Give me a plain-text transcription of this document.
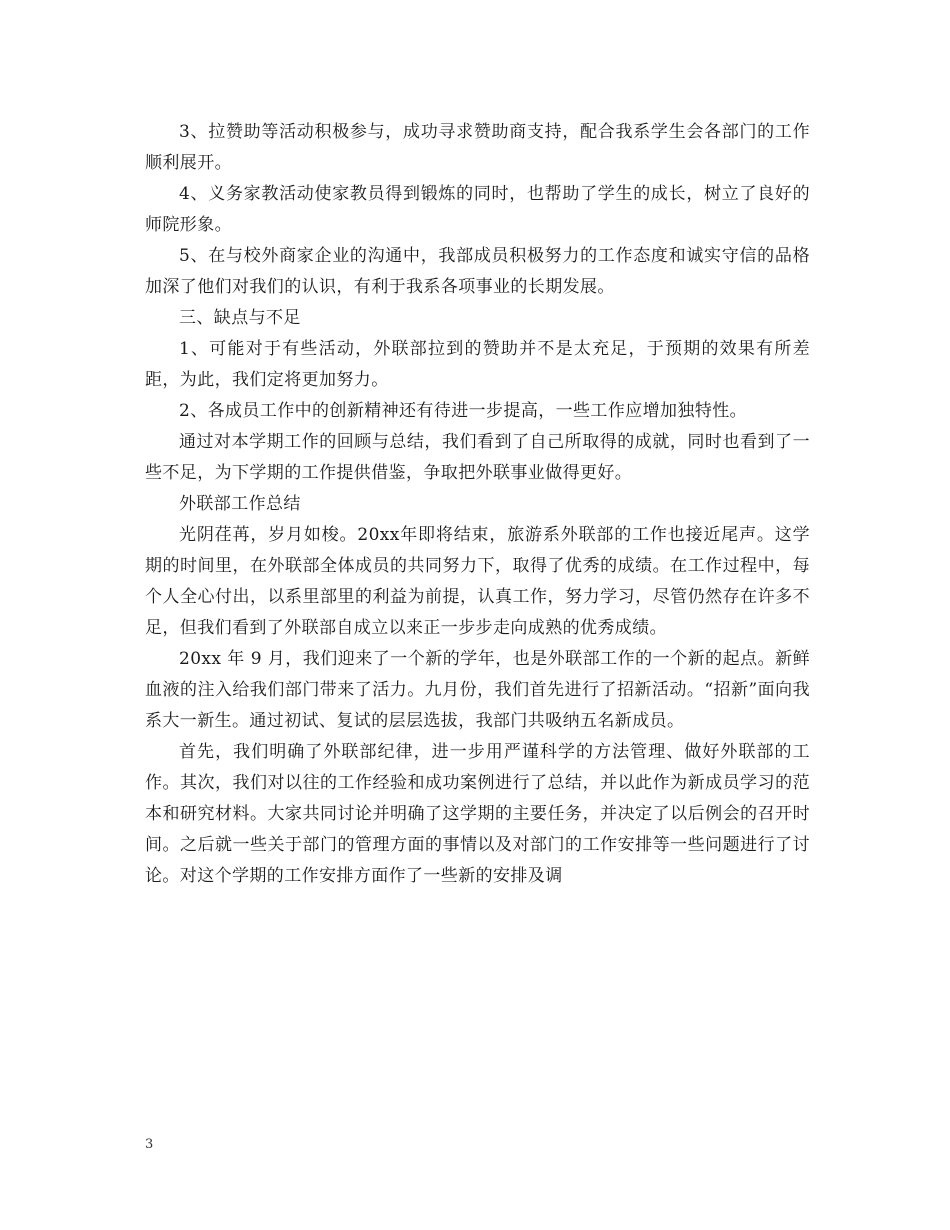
3、拉赞助等活动积极参与，成功寻求赞助商支持，配合我系学生会各部门的工作顺利展开。

4、义务家教活动使家教员得到锻炼的同时，也帮助了学生的成长，树立了良好的师院形象。

5、在与校外商家企业的沟通中，我部成员积极努力的工作态度和诚实守信的品格加深了他们对我们的认识，有利于我系各项事业的长期发展。

三、缺点与不足

1、可能对于有些活动，外联部拉到的赞助并不是太充足，于预期的效果有所差距，为此，我们定将更加努力。

2、各成员工作中的创新精神还有待进一步提高，一些工作应增加独特性。

通过对本学期工作的回顾与总结，我们看到了自己所取得的成就，同时也看到了一些不足，为下学期的工作提供借鉴，争取把外联事业做得更好。

外联部工作总结

光阴荏苒，岁月如梭。20xx年即将结束，旅游系外联部的工作也接近尾声。这学期的时间里，在外联部全体成员的共同努力下，取得了优秀的成绩。在工作过程中，每个人全心付出，以系里部里的利益为前提，认真工作，努力学习，尽管仍然存在许多不足，但我们看到了外联部自成立以来正一步步走向成熟的优秀成绩。

20xx 年 9 月，我们迎来了一个新的学年，也是外联部工作的一个新的起点。新鲜血液的注入给我们部门带来了活力。九月份，我们首先进行了招新活动。“招新”面向我系大一新生。通过初试、复试的层层选拔，我部门共吸纳五名新成员。

首先，我们明确了外联部纪律，进一步用严谨科学的方法管理、做好外联部的工作。其次，我们对以往的工作经验和成功案例进行了总结，并以此作为新成员学习的范本和研究材料。大家共同讨论并明确了这学期的主要任务，并决定了以后例会的召开时间。之后就一些关于部门的管理方面的事情以及对部门的工作安排等一些问题进行了讨论。对这个学期的工作安排方面作了一些新的安排及调

3
